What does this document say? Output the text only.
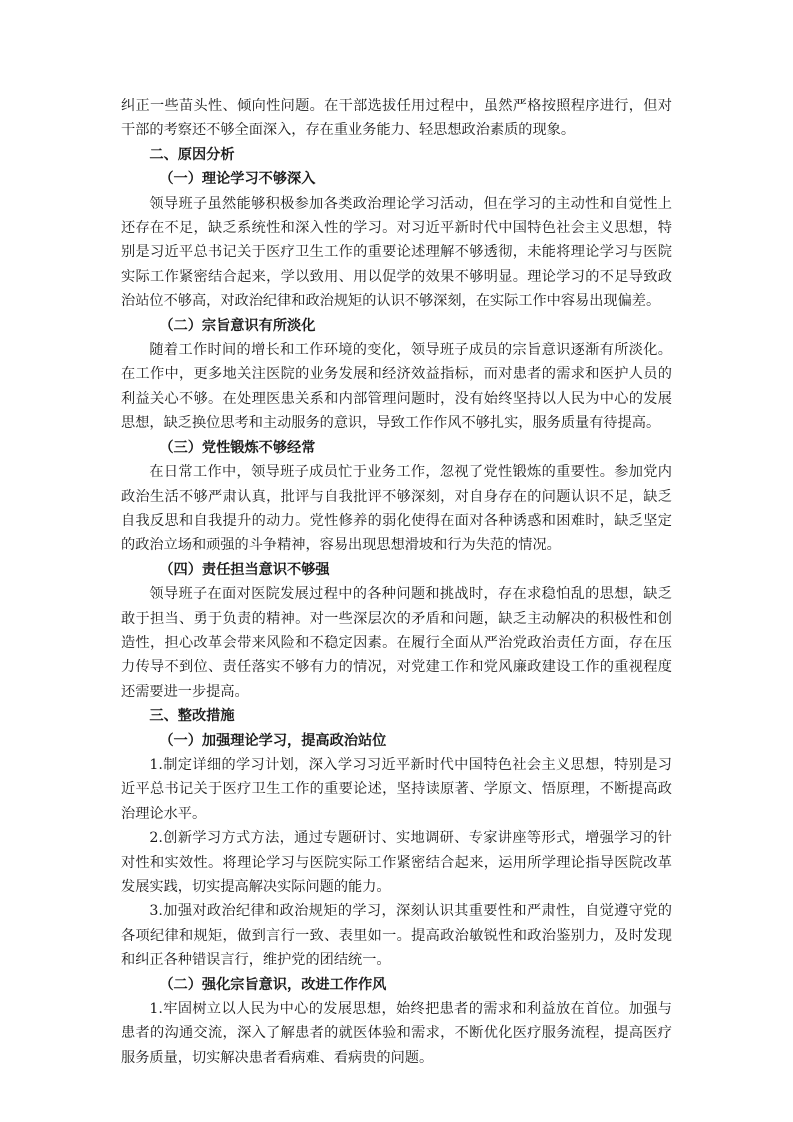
纠正一些苗头性、倾向性问题。在干部选拔任用过程中，虽然严格按照程序进行，但对干部的考察还不够全面深入，存在重业务能力、轻思想政治素质的现象。

二、原因分析

（一）理论学习不够深入

领导班子虽然能够积极参加各类政治理论学习活动，但在学习的主动性和自觉性上还存在不足，缺乏系统性和深入性的学习。对习近平新时代中国特色社会主义思想，特别是习近平总书记关于医疗卫生工作的重要论述理解不够透彻，未能将理论学习与医院实际工作紧密结合起来，学以致用、用以促学的效果不够明显。理论学习的不足导致政治站位不够高，对政治纪律和政治规矩的认识不够深刻，在实际工作中容易出现偏差。

（二）宗旨意识有所淡化

随着工作时间的增长和工作环境的变化，领导班子成员的宗旨意识逐渐有所淡化。在工作中，更多地关注医院的业务发展和经济效益指标，而对患者的需求和医护人员的利益关心不够。在处理医患关系和内部管理问题时，没有始终坚持以人民为中心的发展思想，缺乏换位思考和主动服务的意识，导致工作作风不够扎实，服务质量有待提高。

（三）党性锻炼不够经常

在日常工作中，领导班子成员忙于业务工作，忽视了党性锻炼的重要性。参加党内政治生活不够严肃认真，批评与自我批评不够深刻，对自身存在的问题认识不足，缺乏自我反思和自我提升的动力。党性修养的弱化使得在面对各种诱惑和困难时，缺乏坚定的政治立场和顽强的斗争精神，容易出现思想滑坡和行为失范的情况。

（四）责任担当意识不够强

领导班子在面对医院发展过程中的各种问题和挑战时，存在求稳怕乱的思想，缺乏敢于担当、勇于负责的精神。对一些深层次的矛盾和问题，缺乏主动解决的积极性和创造性，担心改革会带来风险和不稳定因素。在履行全面从严治党政治责任方面，存在压力传导不到位、责任落实不够有力的情况，对党建工作和党风廉政建设工作的重视程度还需要进一步提高。

三、整改措施

（一）加强理论学习，提高政治站位

1.制定详细的学习计划，深入学习习近平新时代中国特色社会主义思想，特别是习近平总书记关于医疗卫生工作的重要论述，坚持读原著、学原文、悟原理，不断提高政治理论水平。

2.创新学习方式方法，通过专题研讨、实地调研、专家讲座等形式，增强学习的针对性和实效性。将理论学习与医院实际工作紧密结合起来，运用所学理论指导医院改革发展实践，切实提高解决实际问题的能力。

3.加强对政治纪律和政治规矩的学习，深刻认识其重要性和严肃性，自觉遵守党的各项纪律和规矩，做到言行一致、表里如一。提高政治敏锐性和政治鉴别力，及时发现和纠正各种错误言行，维护党的团结统一。

（二）强化宗旨意识，改进工作作风

1.牢固树立以人民为中心的发展思想，始终把患者的需求和利益放在首位。加强与患者的沟通交流，深入了解患者的就医体验和需求，不断优化医疗服务流程，提高医疗服务质量，切实解决患者看病难、看病贵的问题。
